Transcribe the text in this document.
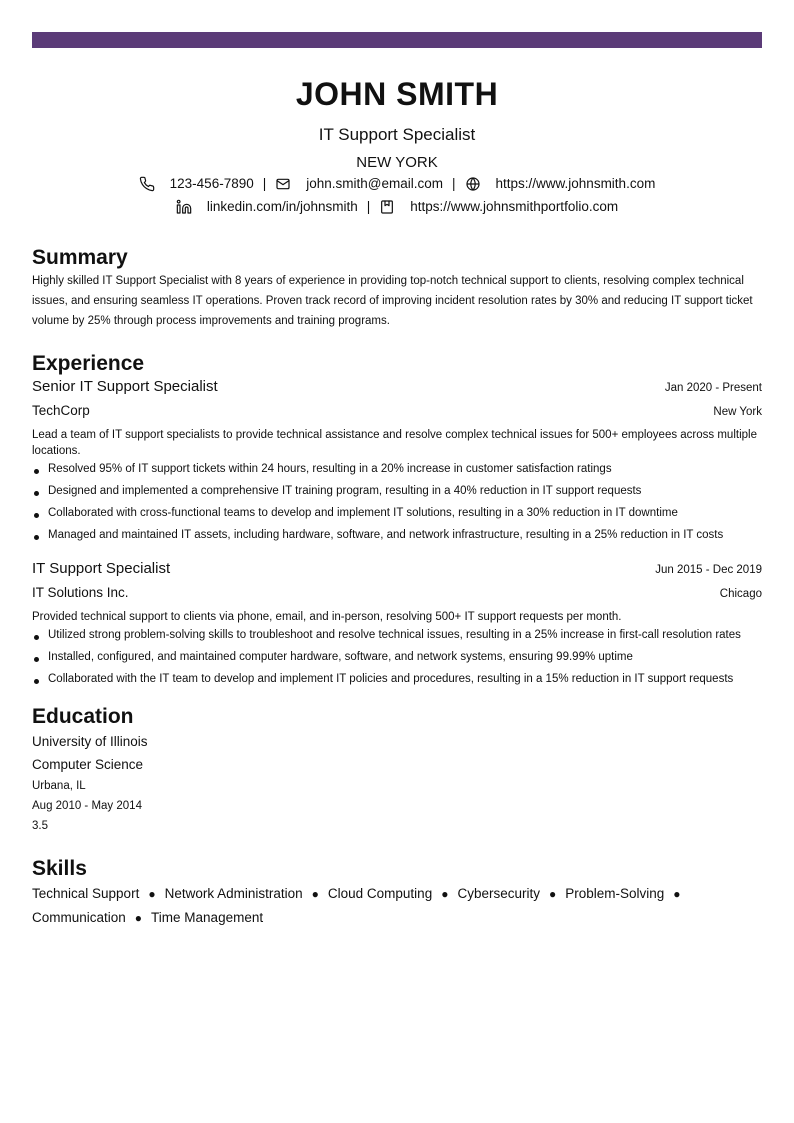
JOHN SMITH
IT Support Specialist
NEW YORK
123-456-7890 |	john.smith@email.com |	https://www.johnsmith.com
linkedin.com/in/johnsmith |	https://www.johnsmithportfolio.com
Summary
Highly skilled IT Support Specialist with 8 years of experience in providing top-notch technical support to clients, resolving complex technical issues, and ensuring seamless IT operations. Proven track record of improving incident resolution rates by 30% and reducing IT support ticket volume by 25% through process improvements and training programs.
Experience
Senior IT Support Specialist	Jan 2020 - Present
TechCorp	New York
Lead a team of IT support specialists to provide technical assistance and resolve complex technical issues for 500+ employees across multiple locations.
Resolved 95% of IT support tickets within 24 hours, resulting in a 20% increase in customer satisfaction ratings
Designed and implemented a comprehensive IT training program, resulting in a 40% reduction in IT support requests
Collaborated with cross-functional teams to develop and implement IT solutions, resulting in a 30% reduction in IT downtime
Managed and maintained IT assets, including hardware, software, and network infrastructure, resulting in a 25% reduction in IT costs
IT Support Specialist	Jun 2015 - Dec 2019
IT Solutions Inc.	Chicago
Provided technical support to clients via phone, email, and in-person, resolving 500+ IT support requests per month.
Utilized strong problem-solving skills to troubleshoot and resolve technical issues, resulting in a 25% increase in first-call resolution rates
Installed, configured, and maintained computer hardware, software, and network systems, ensuring 99.99% uptime
Collaborated with the IT team to develop and implement IT policies and procedures, resulting in a 15% reduction in IT support requests
Education
University of Illinois
Computer Science
Urbana, IL
Aug 2010 - May 2014
3.5
Skills
Technical Support ● Network Administration ● Cloud Computing ● Cybersecurity ● Problem-Solving ●
Communication ● Time Management
